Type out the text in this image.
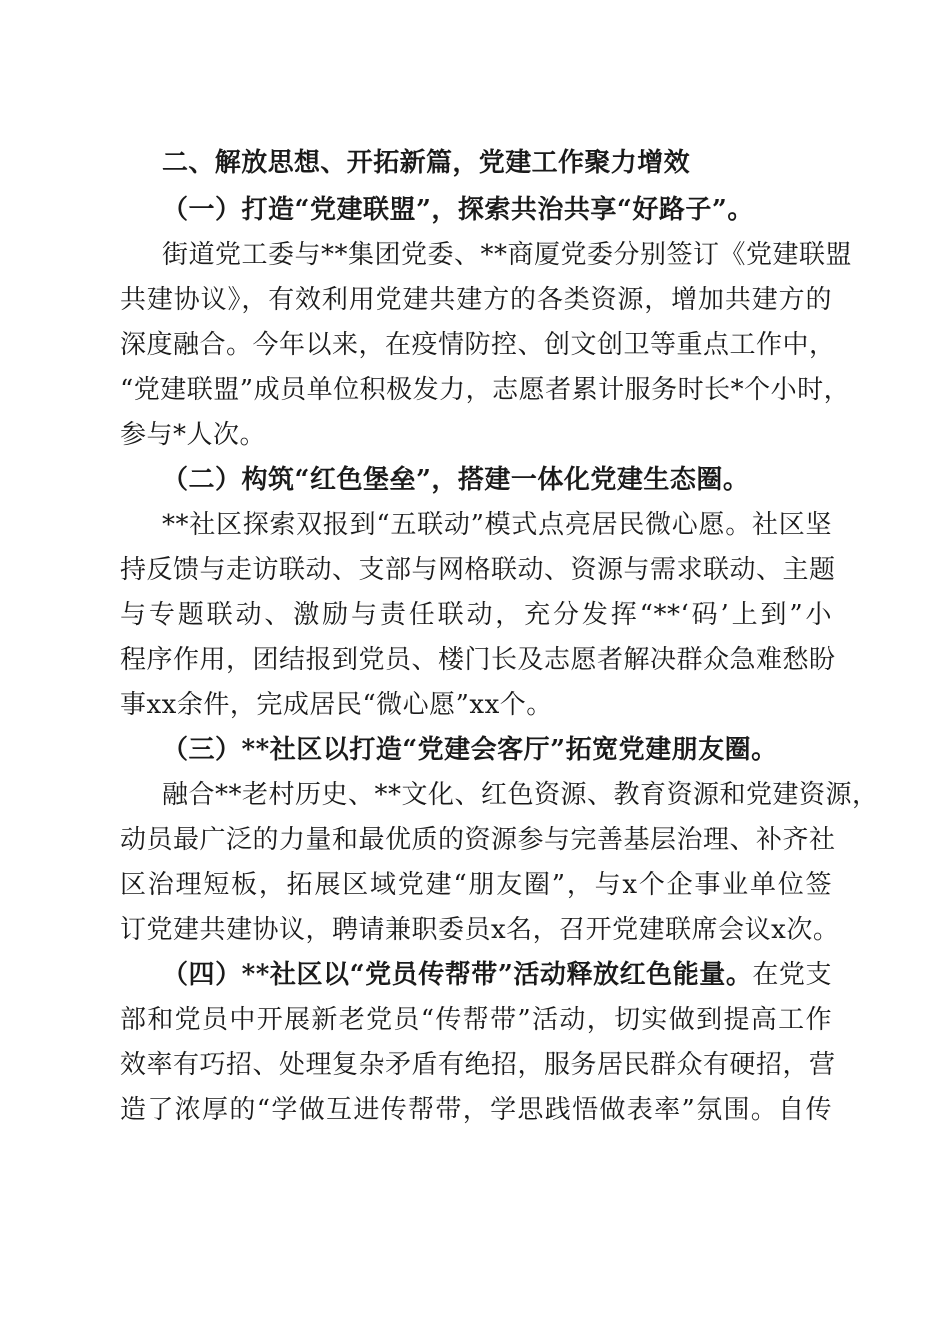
二、解放思想、开拓新篇，党建工作聚力增效
（一）打造“党建联盟”，探索共治共享“好路子”。
街道党工委与**集团党委、**商厦党委分别签订《党建联盟
共建协议》，有效利用党建共建方的各类资源，增加共建方的
深度融合。今年以来，在疫情防控、创文创卫等重点工作中，
“党建联盟”成员单位积极发力，志愿者累计服务时长*个小时，
参与*人次。
（二）构筑“红色堡垒”，搭建一体化党建生态圈。
**社区探索双报到“五联动”模式点亮居民微心愿。社区坚
持反馈与走访联动、支部与网格联动、资源与需求联动、主题
与专题联动、激励与责任联动，充分发挥“**‘码’上到”小
程序作用，团结报到党员、楼门长及志愿者解决群众急难愁盼
事xx余件，完成居民“微心愿”xx个。
（三）**社区以打造“党建会客厅”拓宽党建朋友圈。
融合**老村历史、**文化、红色资源、教育资源和党建资源，
动员最广泛的力量和最优质的资源参与完善基层治理、补齐社
区治理短板，拓展区域党建“朋友圈”，与x个企事业单位签
订党建共建协议，聘请兼职委员x名，召开党建联席会议x次。
（四）**社区以“党员传帮带”活动释放红色能量。在党支
部和党员中开展新老党员“传帮带”活动，切实做到提高工作
效率有巧招、处理复杂矛盾有绝招，服务居民群众有硬招，营
造了浓厚的“学做互进传帮带，学思践悟做表率”氛围。自传
